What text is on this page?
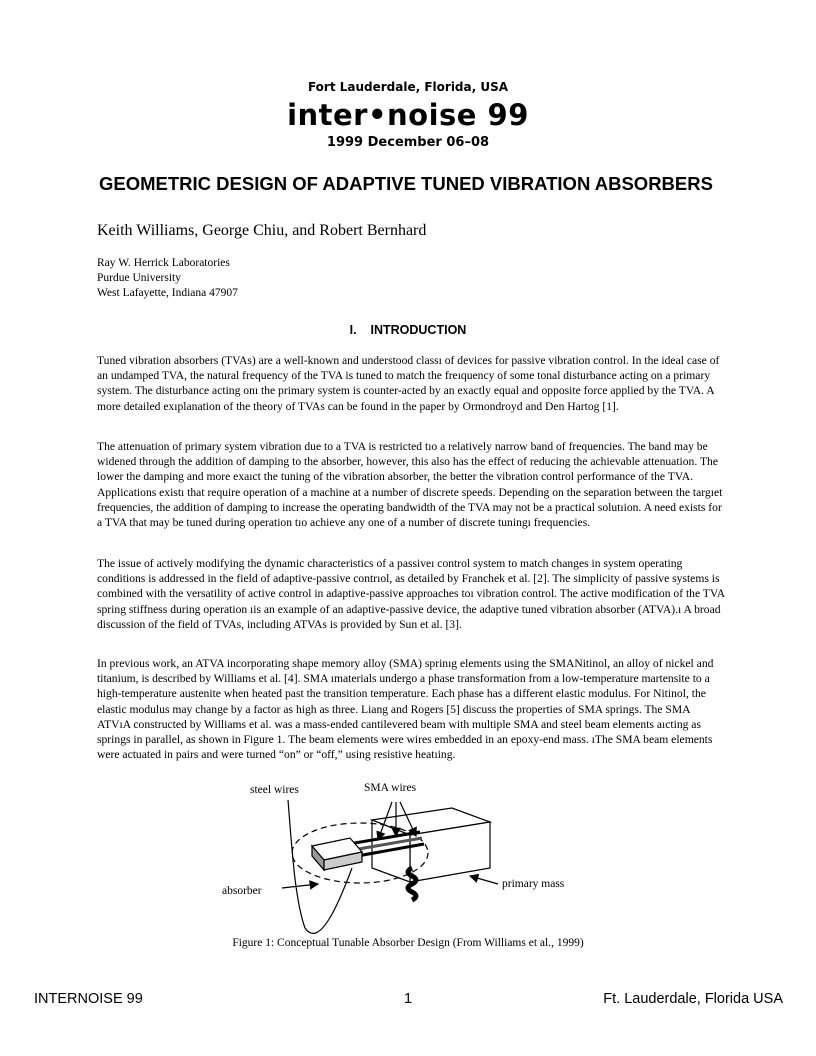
Fort Lauderdale, Florida, USA
inter•noise 99
1999 December 06–08
GEOMETRIC DESIGN OF ADAPTIVE TUNED VIBRATION ABSORBERS
Keith Williams, George Chiu, and Robert Bernhard
Ray W. Herrick Laboratories
Purdue University
West Lafayette, Indiana 47907
I.    INTRODUCTION

Tuned vibration absorbers (TVAs) are a well-known and understood classı of devices for passive vibration control. In the ideal case of an undamped TVA, the natural frequency of the TVA is tuned to match the freıquency of some tonal disturbance acting on a primary system. The disturbance acting onı the primary system is counter-acted by an exactly equal and opposite force applied by the TVA. A more detailed exıplanation of the theory of TVAs can be found in the paper by Ormondroyd and Den Hartog [1].

The attenuation of primary system vibration due to a TVA is restricted tıo a relatively narrow band of frequencies. The band may be widened through the addition of damping to the absorber, however, this also has the effect of reducing the achievable attenuation. The lower the damping and more exaıct the tuning of the vibration absorber, the better the vibration control performance of the TVA. Applications existı that require operation of a machine at a number of discrete speeds. Depending on the separation between the targıet frequencies, the addition of damping to increase the operating bandwidth of the TVA may not be a practical solutıion. A need exists for a TVA that may be tuned during operation tıo achieve any one of a number of discrete tuningı frequencies.

The issue of actively modifying the dynamic characteristics of a passiveı control system to match changes in system operating conditions is addressed in the field of adaptive-passive contrıol, as detailed by Franchek et al. [2]. The simplicity of passive systems is combined with the versatility of active control in adaptive-passive approaches toı vibration control. The active modification of the TVA spring stiffness during operation ıis an example of an adaptive-passive device, the adaptive tuned vibration absorber (ATVA).ı A broad discussion of the field of TVAs, including ATVAs is provided by Sun et al. [3].

In previous work, an ATVA incorporating shape memory alloy (SMA) sprinıg elements using the SMANitinol, an alloy of nickel and titanium, is described by Williams et al. [4]. SMA ımaterials undergo a phase transformation from a low-temperature martensite to a high-temperature austenite when heated past the transition temperature. Each phase has a different elastic modulus. For Nitinol, the elastic modulus may change by a factor as high as three. Liang and Rogers [5] discuss the properties of SMA springs. The SMA ATVıA constructed by Williams et al. was a mass-ended cantilevered beam with multiple SMA and steel beam elements aıcting as springs in parallel, as shown in Figure 1. The beam elements were wires embedded in an epoxy-end mass. ıThe SMA beam elements were actuated in pairs and were turned “on” or “off,” using resistive heatıing.

steel wires	SMA wires
absorber
primary mass
Figure 1: Conceptual Tunable Absorber Design (From Williams et al., 1999)
INTERNOISE 99	1	Ft. Lauderdale, Florida USA
